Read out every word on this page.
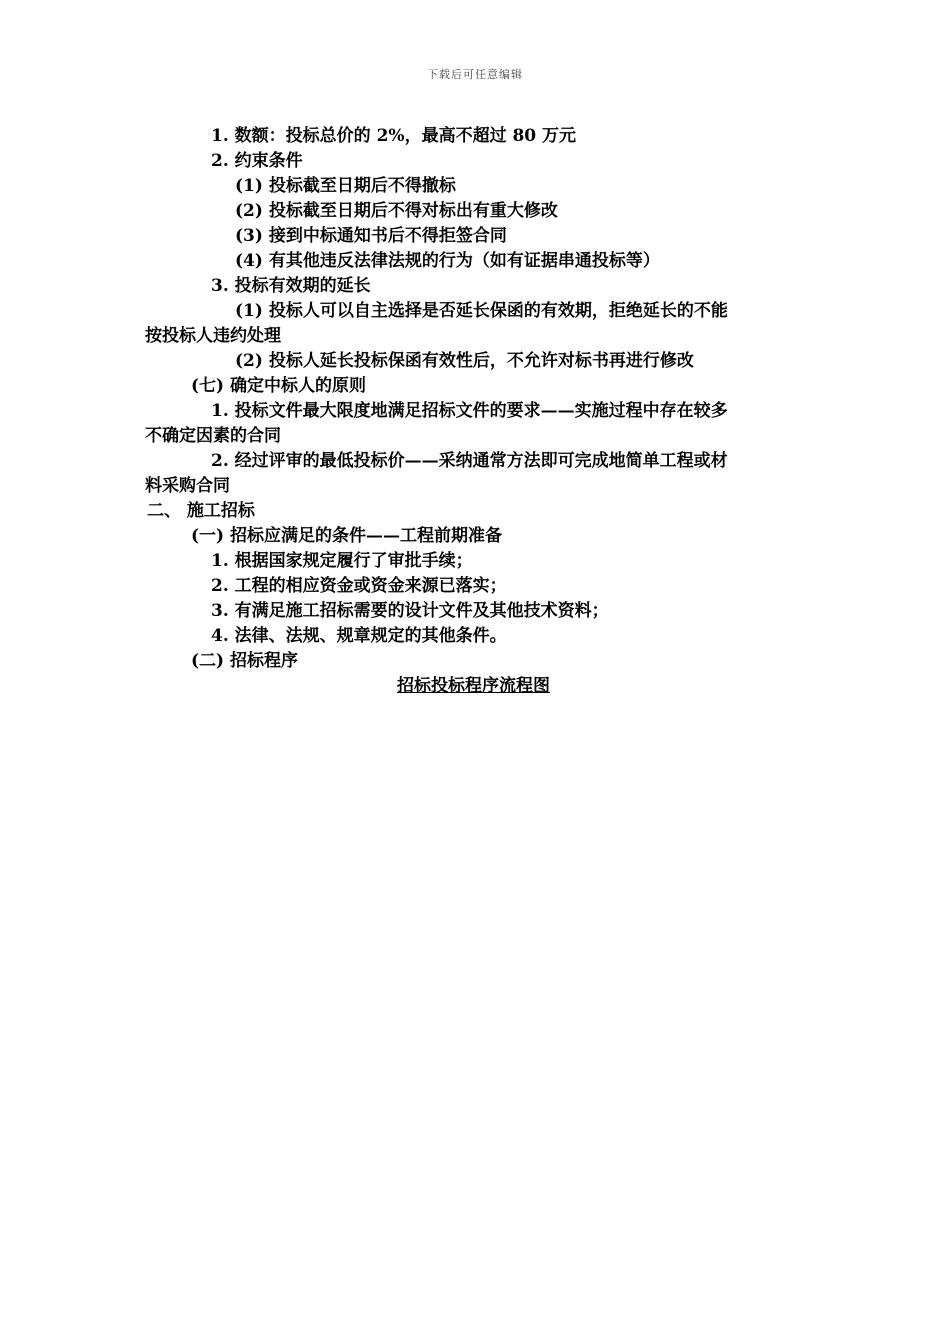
下载后可任意编辑
1. 数额：投标总价的 2%，最高不超过 80 万元
2. 约束条件
(1) 投标截至日期后不得撤标
(2) 投标截至日期后不得对标出有重大修改
(3) 接到中标通知书后不得拒签合同
(4) 有其他违反法律法规的行为（如有证据串通投标等）
3. 投标有效期的延长
(1) 投标人可以自主选择是否延长保函的有效期，拒绝延长的不能
按投标人违约处理
(2) 投标人延长投标保函有效性后，不允许对标书再进行修改
(七) 确定中标人的原则
1. 投标文件最大限度地满足招标文件的要求——实施过程中存在较多
不确定因素的合同
2. 经过评审的最低投标价——采纳通常方法即可完成地简单工程或材
料采购合同
二、 施工招标
(一) 招标应满足的条件——工程前期准备
1. 根据国家规定履行了审批手续；
2. 工程的相应资金或资金来源已落实；
3. 有满足施工招标需要的设计文件及其他技术资料；
4. 法律、法规、规章规定的其他条件。
(二) 招标程序
招标投标程序流程图
